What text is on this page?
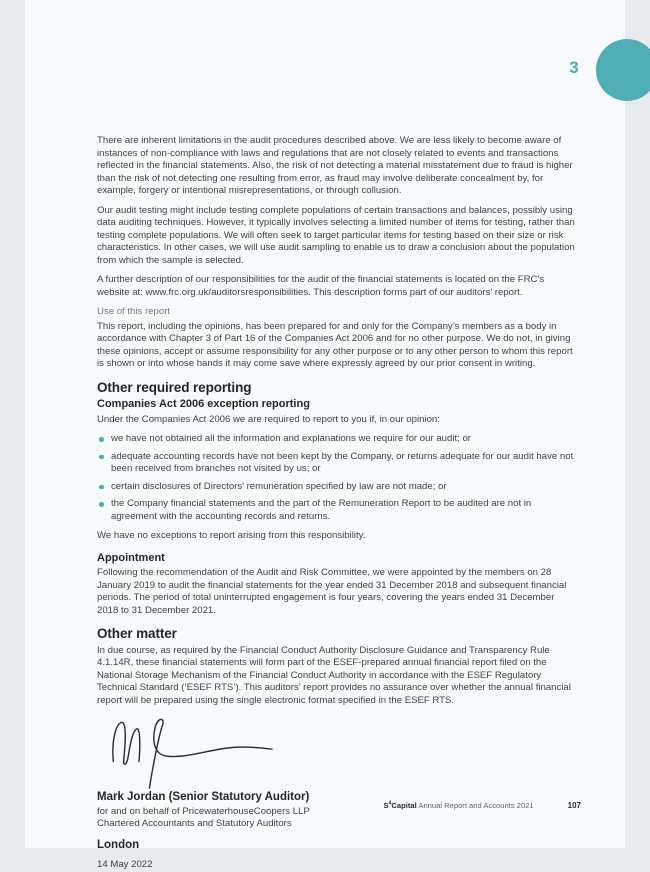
3

There are inherent limitations in the audit procedures described above. We are less likely to become aware of instances of non-compliance with laws and regulations that are not closely related to events and transactions reflected in the financial statements. Also, the risk of not detecting a material misstatement due to fraud is higher than the risk of not detecting one resulting from error, as fraud may involve deliberate concealment by, for example, forgery or intentional misrepresentations, or through collusion.

Our audit testing might include testing complete populations of certain transactions and balances, possibly using data auditing techniques. However, it typically involves selecting a limited number of items for testing, rather than testing complete populations. We will often seek to target particular items for testing based on their size or risk characteristics. In other cases, we will use audit sampling to enable us to draw a conclusion about the population from which the sample is selected.

A further description of our responsibilities for the audit of the financial statements is located on the FRC’s website at: www.frc.org.uk/auditorsresponsibilities. This description forms part of our auditors’ report.

Use of this report

This report, including the opinions, has been prepared for and only for the Company’s members as a body in accordance with Chapter 3 of Part 16 of the Companies Act 2006 and for no other purpose. We do not, in giving these opinions, accept or assume responsibility for any other purpose or to any other person to whom this report is shown or into whose hands it may come save where expressly agreed by our prior consent in writing.

Other required reporting
Companies Act 2006 exception reporting

Under the Companies Act 2006 we are required to report to you if, in our opinion:

we have not obtained all the information and explanations we require for our audit; or
adequate accounting records have not been kept by the Company, or returns adequate for our audit have not been received from branches not visited by us; or
certain disclosures of Directors’ remuneration specified by law are not made; or
the Company financial statements and the part of the Remuneration Report to be audited are not in agreement with the accounting records and returns.

We have no exceptions to report arising from this responsibility.

Appointment

Following the recommendation of the Audit and Risk Committee, we were appointed by the members on 28 January 2019 to audit the financial statements for the year ended 31 December 2018 and subsequent financial periods. The period of total uninterrupted engagement is four years, covering the years ended 31 December 2018 to 31 December 2021.

Other matter

In due course, as required by the Financial Conduct Authority Disclosure Guidance and Transparency Rule 4.1.14R, these financial statements will form part of the ESEF-prepared annual financial report filed on the National Storage Mechanism of the Financial Conduct Authority in accordance with the ESEF Regulatory Technical Standard (‘ESEF RTS’). This auditors’ report provides no assurance over whether the annual financial report will be prepared using the single electronic format specified in the ESEF RTS.

Mark Jordan (Senior Statutory Auditor)

for and on behalf of PricewaterhouseCoopers LLP

Chartered Accountants and Statutory Auditors

London

14 May 2022

$S^4Capital$ Annual Report and Accounts 2021	107
